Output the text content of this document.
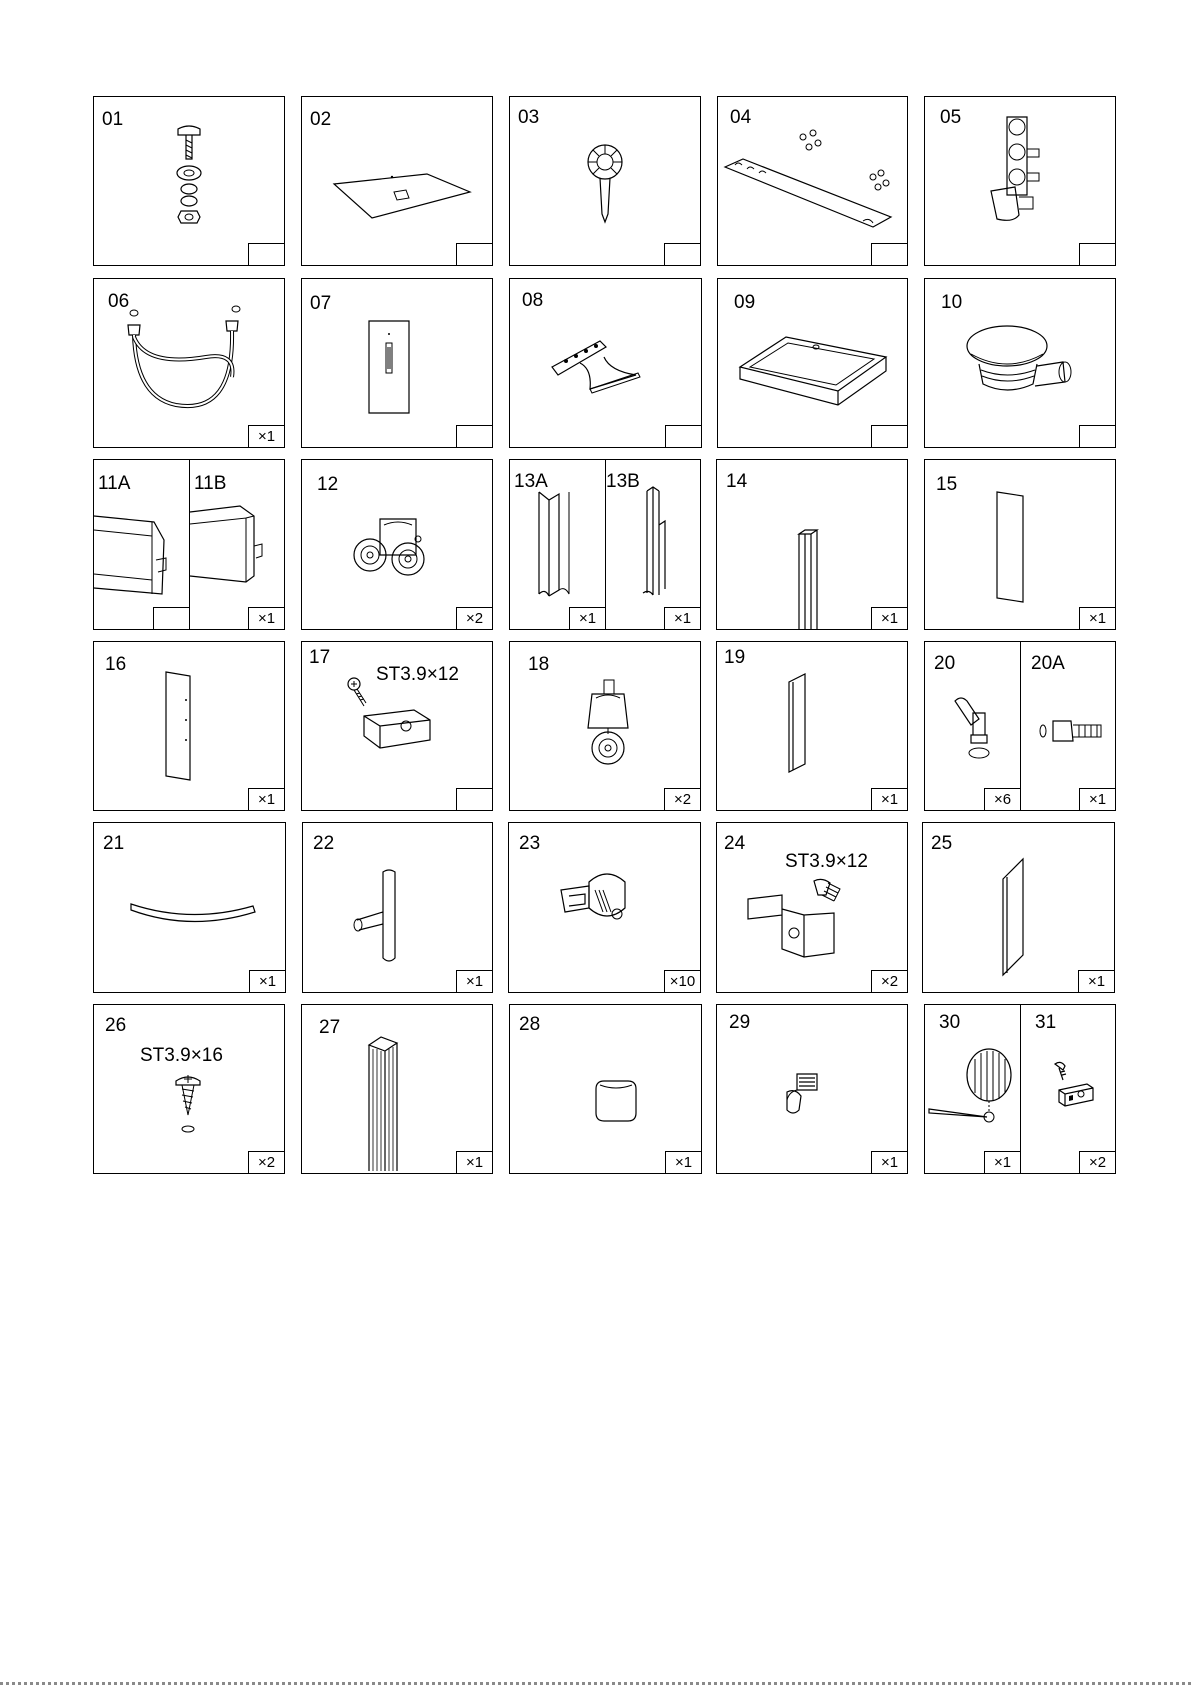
01	02	03	04	05
06
×1
07	08	09	10
11A	11B
×1
12
×2
13A
×1
13B
×1
14
×1
15
×1
16
×1
17
ST3.9×12	18
×2
19
×1
20
×6
20A
×1
21
×1
22
×1
23
×10
24
ST3.9×12
×2
25
×1
26
ST3.9×16
×2
27
×1
28
×1
29
×1
30
×1
31
×2
